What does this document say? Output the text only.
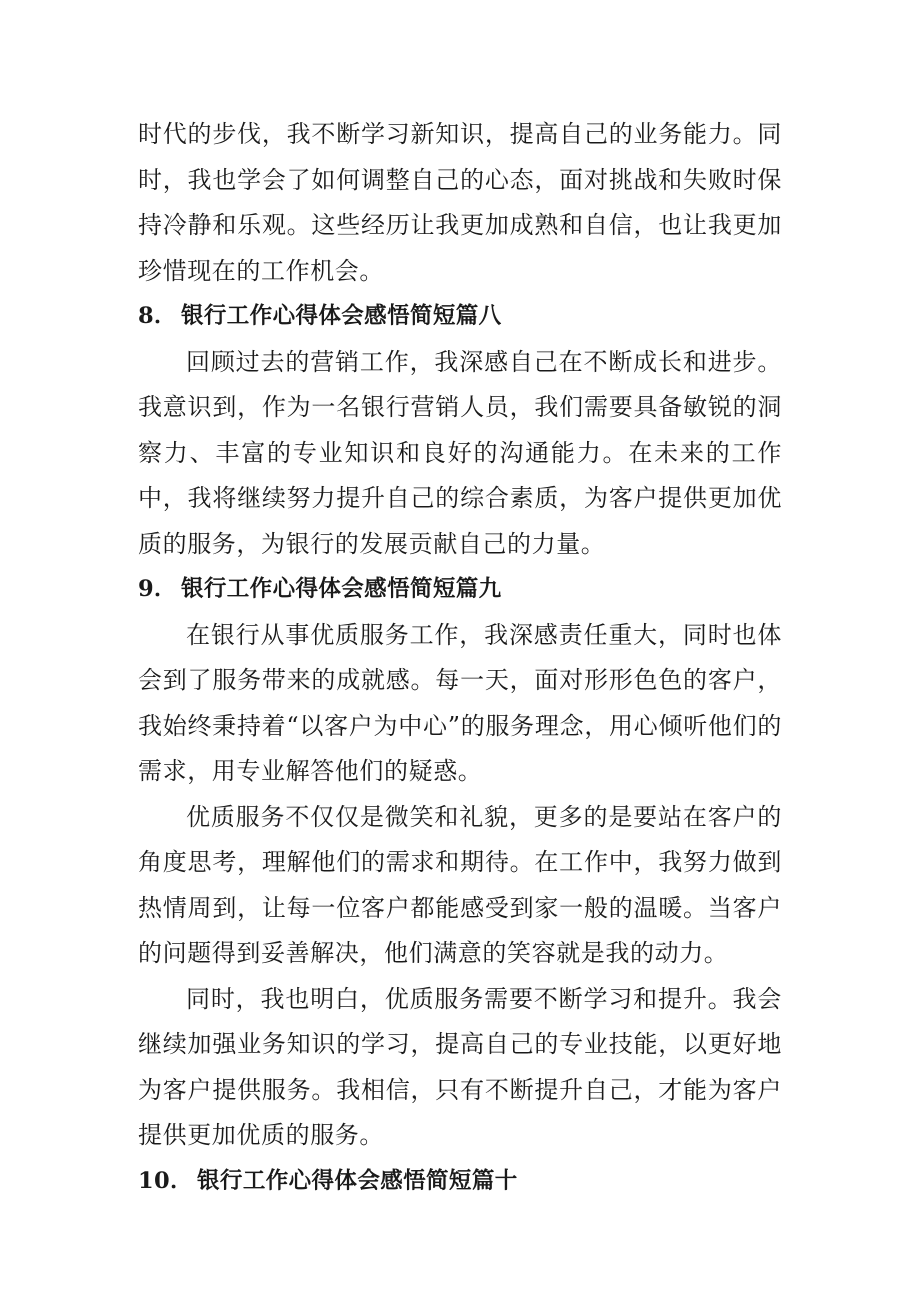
时代的步伐，我不断学习新知识，提高自己的业务能力。同时，我也学会了如何调整自己的心态，面对挑战和失败时保持冷静和乐观。这些经历让我更加成熟和自信，也让我更加珍惜现在的工作机会。

8． 银行工作心得体会感悟简短篇八

回顾过去的营销工作，我深感自己在不断成长和进步。我意识到，作为一名银行营销人员，我们需要具备敏锐的洞察力、丰富的专业知识和良好的沟通能力。在未来的工作中，我将继续努力提升自己的综合素质，为客户提供更加优质的服务，为银行的发展贡献自己的力量。

9． 银行工作心得体会感悟简短篇九

在银行从事优质服务工作，我深感责任重大，同时也体会到了服务带来的成就感。每一天，面对形形色色的客户，我始终秉持着“以客户为中心”的服务理念，用心倾听他们的需求，用专业解答他们的疑惑。

优质服务不仅仅是微笑和礼貌，更多的是要站在客户的角度思考，理解他们的需求和期待。在工作中，我努力做到热情周到，让每一位客户都能感受到家一般的温暖。当客户的问题得到妥善解决，他们满意的笑容就是我的动力。

同时，我也明白，优质服务需要不断学习和提升。我会继续加强业务知识的学习，提高自己的专业技能，以更好地为客户提供服务。我相信，只有不断提升自己，才能为客户提供更加优质的服务。

10． 银行工作心得体会感悟简短篇十
